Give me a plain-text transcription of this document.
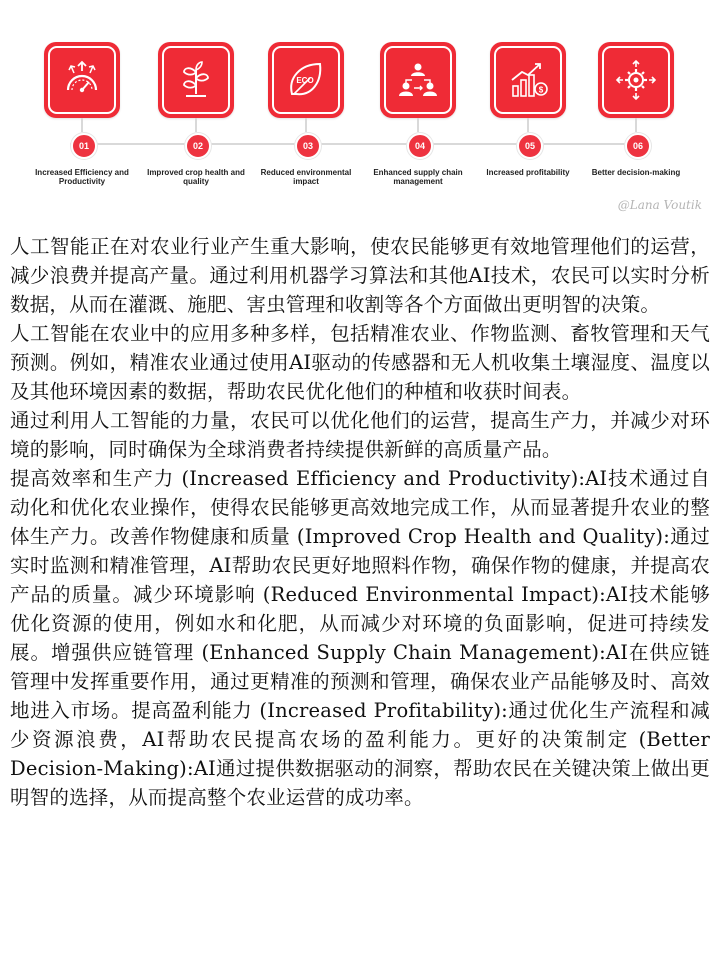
01
Increased Efficiency and Productivity
02
Improved crop health and quality
ECO
03
Reduced environmental impact
04
Enhanced supply chain management
$
05
Increased profitability
06
Better decision-making
@Lana Voutik

人工智能正在对农业行业产生重大影响，使农民能够更有效地管理他们的运营，减少浪费并提高产量。通过利用机器学习算法和其他AI技术，农民可以实时分析数据，从而在灌溉、施肥、害虫管理和收割等各个方面做出更明智的决策。

人工智能在农业中的应用多种多样，包括精准农业、作物监测、畜牧管理和天气预测。例如，精准农业通过使用AI驱动的传感器和无人机收集土壤湿度、温度以及其他环境因素的数据，帮助农民优化他们的种植和收获时间表。

通过利用人工智能的力量，农民可以优化他们的运营，提高生产力，并减少对环境的影响，同时确保为全球消费者持续提供新鲜的高质量产品。

提高效率和生产力 (Increased Efficiency and Productivity):AI技术通过自动化和优化农业操作，使得农民能够更高效地完成工作，从而显著提升农业的整体生产力。改善作物健康和质量 (Improved Crop Health and Quality):通过实时监测和精准管理，AI帮助农民更好地照料作物，确保作物的健康，并提高农产品的质量。减少环境影响 (Reduced Environmental Impact):AI技术能够优化资源的使用，例如水和化肥，从而减少对环境的负面影响，促进可持续发展。增强供应链管理 (Enhanced Supply Chain Management):AI在供应链管理中发挥重要作用，通过更精准的预测和管理，确保农业产品能够及时、高效地进入市场。提高盈利能力 (Increased Profitability):通过优化生产流程和减少资源浪费，AI帮助农民提高农场的盈利能力。更好的决策制定 (Better Decision-Making):AI通过提供数据驱动的洞察，帮助农民在关键决策上做出更明智的选择，从而提高整个农业运营的成功率。
